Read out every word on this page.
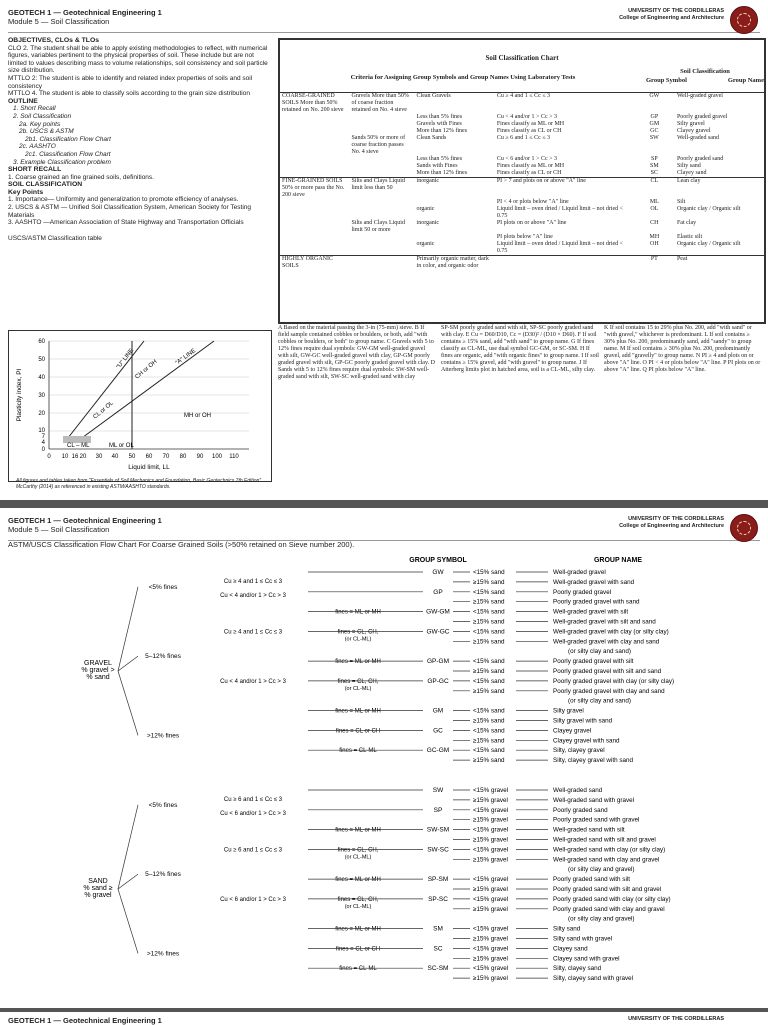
GEOTECH 1 — Geotechnical Engineering 1
Module 5 — Soil Classification
UNIVERSITY OF THE CORDILLERAS
College of Engineering and Architecture
OBJECTIVES, CLOs & TLOs
CLO 2. The student shall be able to apply existing methodologies to reflect, with numerical figures, variables pertinent to the physical properties of soil. These include but are not limited to values describing mass to volume relationships, soil consistency and soil particle size distribution.
MTTLO 2: The student is able to identify and related index properties of soils and soil consistency
MTTLO 4. The student is able to classify soils according to the grain size distribution
OUTLINE
1. Short Recall
2. Soil Classification
2a. Key points
2b. USCS & ASTM
2b1. Classification Flow Chart
2c. AASHTO
2c1. Classification Flow Chart
3. Example Classification problem
SHORT RECALL
1. Coarse grained an fine grained soils, definitions.
SOIL CLASSIFICATION
Key Points
1. Importance— Uniformity and generalization to promote efficiency of analyses.
2. USCS & ASTM — Unified Soil Classification System, American Society for Testing Materials
3. AASHTO —American Association of State Highway and Transportation Officials
USCS/ASTM Classification table
"U" LINE	"A" LINE
CH or OH
CL or OL	MH or OH
CL – ML	ML or OL
0
4
7
10
20
30
40
50
60
0 10 16 20 30 40 50 60 70 80 90 100 110
Liquid limit, LL
Plasticity index, PI
All figures and tables taken from "Essentials of Soil Mechanics and Foundation, Basic Geotechnics 7th Edition" McCarthy (2014) as referenced in existing ASTM/AASHTO standards.
Soil Classification Chart
Criteria for Assigning Group Symbols and Group Names Using Laboratory Tests
Soil Classification
Group Symbol	Group Name
COARSE-GRAINED SOILS More than 50% retained on No. 200 sieve	Gravels More than 50% of coarse fraction retained on No. 4 sieve	Clean Gravels	Cu ≥ 4 and 1 ≤ Cc ≤ 3	GW	Well-graded gravel
		Less than 5% fines	Cu < 4 and/or 1 > Cc > 3	GP	Poorly graded gravel
		Gravels with Fines	Fines classify as ML or MH	GM	Silty gravel
		More than 12% fines	Fines classify as CL or CH	GC	Clayey gravel
	Sands 50% or more of coarse fraction passes No. 4 sieve	Clean Sands	Cu ≥ 6 and 1 ≤ Cc ≤ 3	SW	Well-graded sand
		Less than 5% fines	Cu < 6 and/or 1 > Cc > 3	SP	Poorly graded sand
		Sands with Fines	Fines classify as ML or MH	SM	Silty sand
		More than 12% fines	Fines classify as CL or CH	SC	Clayey sand
FINE-GRAINED SOILS 50% or more pass the No. 200 sieve	Silts and Clays Liquid limit less than 50	inorganic	PI > 7 and plots on or above "A" line	CL	Lean clay
			PI < 4 or plots below "A" line	ML	Silt
		organic	Liquid limit – oven dried / Liquid limit – not dried < 0.75	OL	Organic clay / Organic silt
	Silts and Clays Liquid limit 50 or more	inorganic	PI plots on or above "A" line	CH	Fat clay
			PI plots below "A" line	MH	Elastic silt
		organic	Liquid limit – oven dried / Liquid limit – not dried < 0.75	OH	Organic clay / Organic silt
HIGHLY ORGANIC SOILS		Primarily organic matter, dark in color, and organic odor		PT	Peat
A Based on the material passing the 3-in (75-mm) sieve. B If field sample contained cobbles or boulders, or both, add "with cobbles or boulders, or both" to group name. C Gravels with 5 to 12% fines require dual symbols: GW-GM well-graded gravel with silt, GW-GC well-graded gravel with clay, GP-GM poorly graded gravel with silt, GP-GC poorly graded gravel with clay. D Sands with 5 to 12% fines require dual symbols: SW-SM well-graded sand with silt, SW-SC well-graded sand with clay
SP-SM poorly graded sand with silt, SP-SC poorly graded sand with clay. E Cu = D60/D10, Cc = (D30)² / (D10 × D60). F If soil contains ≥ 15% sand, add "with sand" to group name. G If fines classify as CL-ML, use dual symbol GC-GM, or SC-SM. H If fines are organic, add "with organic fines" to group name. I If soil contains ≥ 15% gravel, add "with gravel" to group name. J If Atterberg limits plot in hatched area, soil is a CL-ML, silty clay.
K If soil contains 15 to 29% plus No. 200, add "with sand" or "with gravel," whichever is predominant. L If soil contains ≥ 30% plus No. 200, predominantly sand, add "sandy" to group name. M If soil contains ≥ 30% plus No. 200, predominantly gravel, add "gravelly" to group name. N PI ≥ 4 and plots on or above "A" line. O PI < 4 or plots below "A" line. P PI plots on or above "A" line. Q PI plots below "A" line.
GEOTECH 1 — Geotechnical Engineering 1
Module 5 — Soil Classification
UNIVERSITY OF THE CORDILLERAS
College of Engineering and Architecture
ASTM/USCS Classification Flow Chart For Coarse Grained Soils (>50% retained on Sieve number 200).
GROUP SYMBOL	GROUP NAME
GRAVEL
% gravel >
% sand
<5% fines
5–12% fines
>12% fines
Cu ≥ 4 and 1 ≤ Cc ≤ 3
Cu < 4 and/or 1 > Cc > 3
Cu ≥ 4 and 1 ≤ Cc ≤ 3
Cu < 4 and/or 1 > Cc > 3
fines = ML or MH
fines = CL, CH,
(or CL-ML)
fines = ML or MH
fines = CL, CH,
(or CL-ML)
fines = ML or MH
fines = CL or CH
fines = CL-ML
GW	<15% sand	Well-graded gravel
≥15% sand	Well-graded gravel with sand
GP	<15% sand	Poorly graded gravel
≥15% sand	Poorly graded gravel with sand
GW-GM	<15% sand	Well-graded gravel with silt
≥15% sand	Well-graded gravel with silt and sand
GW-GC	<15% sand	Well-graded gravel with clay (or silty clay)
≥15% sand	Well-graded gravel with clay and sand
(or silty clay and sand)
GP-GM	<15% sand	Poorly graded gravel with silt
≥15% sand	Poorly graded gravel with silt and sand
GP-GC	<15% sand	Poorly graded gravel with clay (or silty clay)
≥15% sand	Poorly graded gravel with clay and sand
(or silty clay and sand)
GM	<15% sand	Silty gravel
≥15% sand	Silty gravel with sand
GC	<15% sand	Clayey gravel
≥15% sand	Clayey gravel with sand
GC-GM	<15% sand	Silty, clayey gravel
≥15% sand	Silty, clayey gravel with sand
SAND
% sand ≥
% gravel
<5% fines
5–12% fines
>12% fines
Cu ≥ 6 and 1 ≤ Cc ≤ 3
Cu < 6 and/or 1 > Cc > 3
Cu ≥ 6 and 1 ≤ Cc ≤ 3
Cu < 6 and/or 1 > Cc > 3
fines = ML or MH
fines = CL, CH,
(or CL-ML)
fines = ML or MH
fines = CL, CH,
(or CL-ML)
fines = ML or MH
fines = CL or CH
fines = CL-ML
SW	<15% gravel	Well-graded sand
≥15% gravel	Well-graded sand with gravel
SP	<15% gravel	Poorly graded sand
≥15% gravel	Poorly graded sand with gravel
SW-SM	<15% gravel	Well-graded sand with silt
≥15% gravel	Well-graded sand with silt and gravel
SW-SC	<15% gravel	Well-graded sand with clay (or silty clay)
≥15% gravel	Well-graded sand with clay and gravel
(or silty clay and gravel)
SP-SM	<15% gravel	Poorly graded sand with silt
≥15% gravel	Poorly graded sand with silt and gravel
SP-SC	<15% gravel	Poorly graded sand with clay (or silty clay)
≥15% gravel	Poorly graded sand with clay and gravel
(or silty clay and gravel)
SM	<15% gravel	Silty sand
≥15% gravel	Silty sand with gravel
SC	<15% gravel	Clayey sand
≥15% gravel	Clayey sand with gravel
SC-SM	<15% gravel	Silty, clayey sand
≥15% gravel	Silty, clayey sand with gravel
GEOTECH 1 — Geotechnical Engineering 1	UNIVERSITY OF THE CORDILLERAS
